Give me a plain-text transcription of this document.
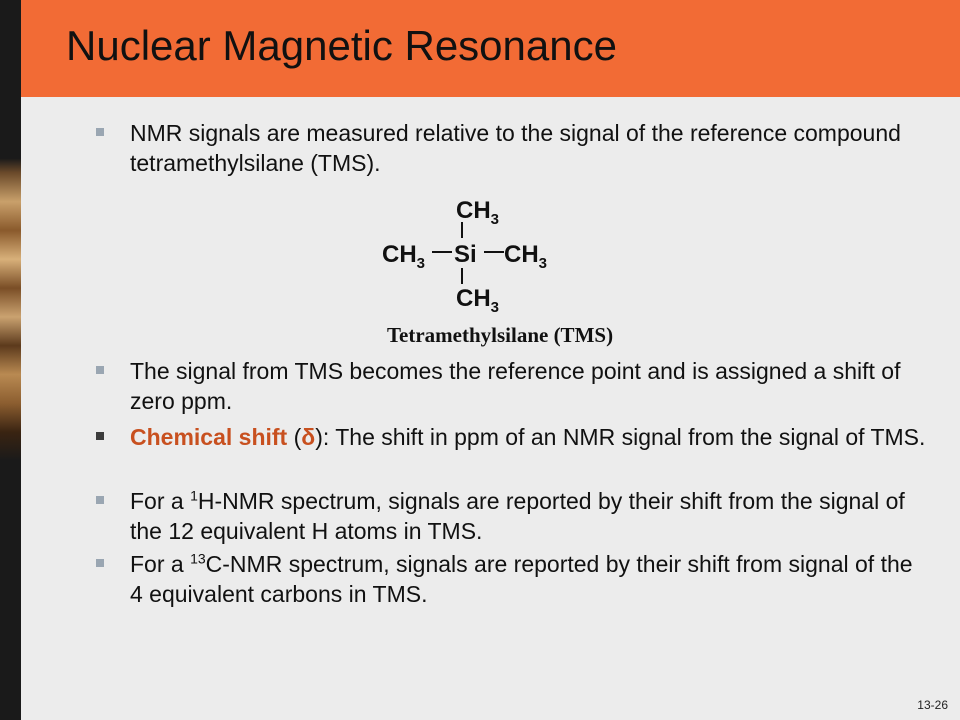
Nuclear Magnetic Resonance
NMR signals are measured relative to the signal of the reference compound tetramethylsilane (TMS).
$CH_3$
$CH_3$ Si $CH_3$
$CH_3$
Tetramethylsilane (TMS)
The signal from TMS becomes the reference point and is assigned a shift of zero ppm.
Chemical shift (δ): The shift in ppm of an NMR signal from the signal of TMS.
For a $^1$H-NMR spectrum, signals are reported by their shift from the signal of the 12 equivalent H atoms in TMS.
For a $^{13}$C-NMR spectrum, signals are reported by their shift from signal of the 4 equivalent carbons in TMS.
13-26
